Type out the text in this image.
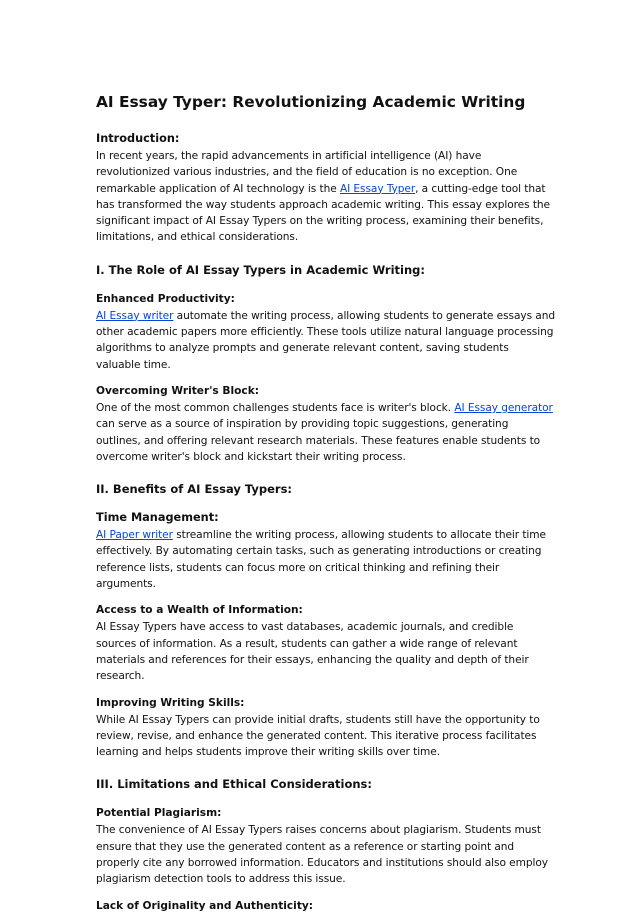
AI Essay Typer: Revolutionizing Academic Writing
Introduction:

In recent years, the rapid advancements in artificial intelligence (AI) have revolutionized various industries, and the field of education is no exception. One remarkable application of AI technology is the AI Essay Typer, a cutting-edge tool that has transformed the way students approach academic writing. This essay explores the significant impact of AI Essay Typers on the writing process, examining their benefits, limitations, and ethical considerations.

I. The Role of AI Essay Typers in Academic Writing:
Enhanced Productivity:

AI Essay writer automate the writing process, allowing students to generate essays and other academic papers more efficiently. These tools utilize natural language processing algorithms to analyze prompts and generate relevant content, saving students valuable time.

Overcoming Writer's Block:

One of the most common challenges students face is writer's block. AI Essay generator can serve as a source of inspiration by providing topic suggestions, generating outlines, and offering relevant research materials. These features enable students to overcome writer's block and kickstart their writing process.

II. Benefits of AI Essay Typers:
Time Management:

AI Paper writer streamline the writing process, allowing students to allocate their time effectively. By automating certain tasks, such as generating introductions or creating reference lists, students can focus more on critical thinking and refining their arguments.

Access to a Wealth of Information:

AI Essay Typers have access to vast databases, academic journals, and credible sources of information. As a result, students can gather a wide range of relevant materials and references for their essays, enhancing the quality and depth of their research.

Improving Writing Skills:

While AI Essay Typers can provide initial drafts, students still have the opportunity to review, revise, and enhance the generated content. This iterative process facilitates learning and helps students improve their writing skills over time.

III. Limitations and Ethical Considerations:
Potential Plagiarism:

The convenience of AI Essay Typers raises concerns about plagiarism. Students must ensure that they use the generated content as a reference or starting point and properly cite any borrowed information. Educators and institutions should also employ plagiarism detection tools to address this issue.

Lack of Originality and Authenticity:
